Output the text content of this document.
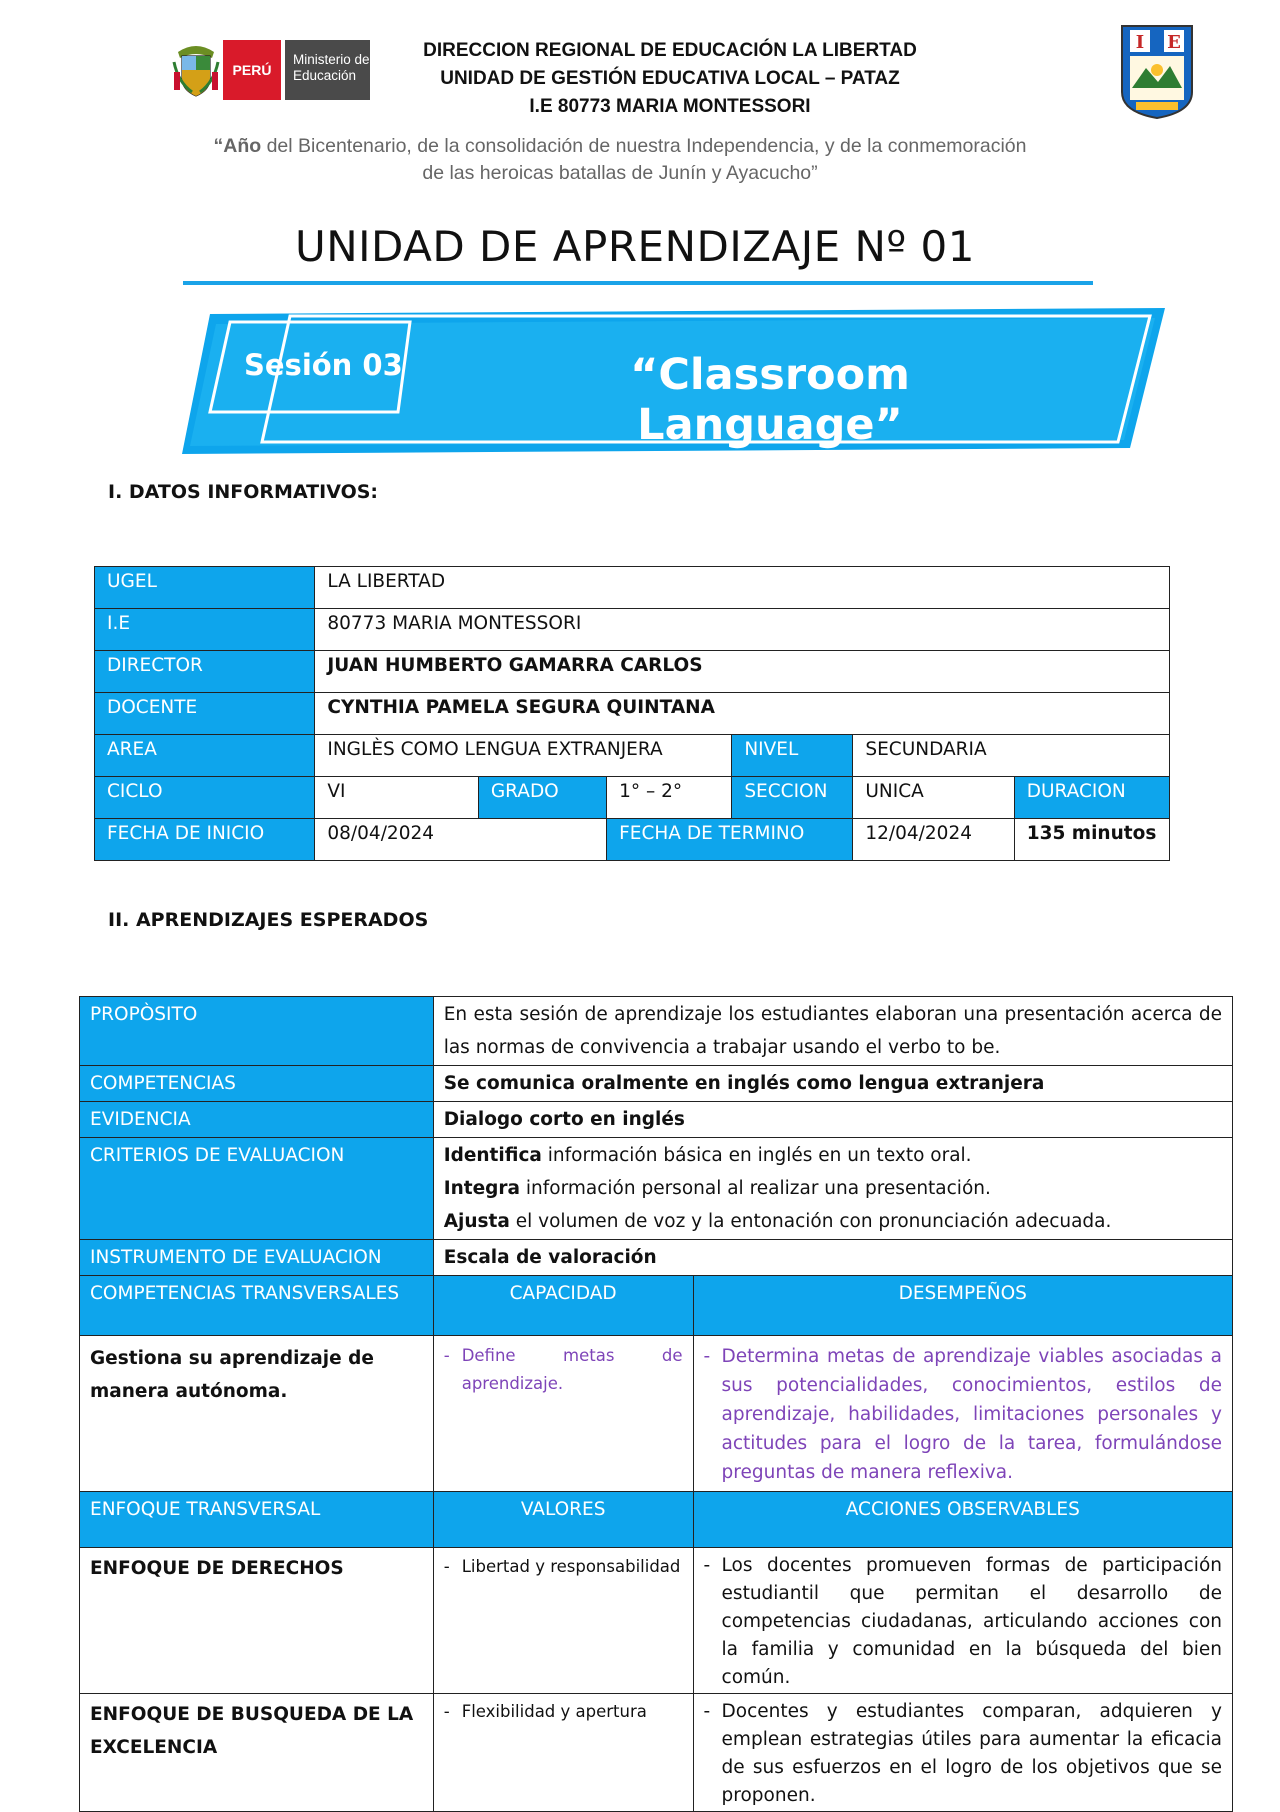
PERÚ
Ministerio de Educación
DIRECCION REGIONAL DE EDUCACIÓN LA LIBERTAD
UNIDAD DE GESTIÓN EDUCATIVA LOCAL – PATAZ
I.E 80773 MARIA MONTESSORI
I E
“Año del Bicentenario, de la consolidación de nuestra Independencia, y de la conmemoración de las heroicas batallas de Junín y Ayacucho”
UNIDAD DE APRENDIZAJE Nº 01
Sesión 03	“Classroom Language”
I. DATOS INFORMATIVOS:
UGEL	LA LIBERTAD					
I.E	80773 MARIA MONTESSORI					
DIRECTOR	JUAN HUMBERTO GAMARRA CARLOS					
DOCENTE	CYNTHIA PAMELA SEGURA QUINTANA					
AREA	INGLÈS COMO LENGUA EXTRANJERA			NIVEL	SECUNDARIA	
CICLO	VI	GRADO	1° – 2°	SECCION	UNICA	DURACION
FECHA DE INICIO	08/04/2024		FECHA DE TERMINO		12/04/2024	135 minutos
II. APRENDIZAJES ESPERADOS
PROPÒSITO	En esta sesión de aprendizaje los estudiantes elaboran una presentación acerca de las normas de convivencia a trabajar usando el verbo to be.	
COMPETENCIAS	Se comunica oralmente en inglés como lengua extranjera	
EVIDENCIA	Dialogo corto en inglés	
CRITERIOS DE EVALUACION	Identifica información básica en inglés en un texto oral.
Integra información personal al realizar una presentación.
Ajusta el volumen de voz y la entonación con pronunciación adecuada.	

INSTRUMENTO DE EVALUACION	Escala de valoración	
COMPETENCIAS TRANSVERSALES	CAPACIDAD	DESEMPEÑOS
Gestiona su aprendizaje de manera autónoma.	- Define metas de aprendizaje.	- Determina metas de aprendizaje viables asociadas a sus potencialidades, conocimientos, estilos de aprendizaje, habilidades, limitaciones personales y actitudes para el logro de la tarea, formulándose preguntas de manera reflexiva.

ENFOQUE TRANSVERSAL	VALORES	ACCIONES OBSERVABLES
ENFOQUE DE DERECHOS	- Libertad y responsabilidad	- Los docentes promueven formas de participación estudiantil que permitan el desarrollo de competencias ciudadanas, articulando acciones con la familia y comunidad en la búsqueda del bien común.

ENFOQUE DE BUSQUEDA DE LA EXCELENCIA	- Flexibilidad y apertura	- Docentes y estudiantes comparan, adquieren y emplean estrategias útiles para aumentar la eficacia de sus esfuerzos en el logro de los objetivos que se proponen.
